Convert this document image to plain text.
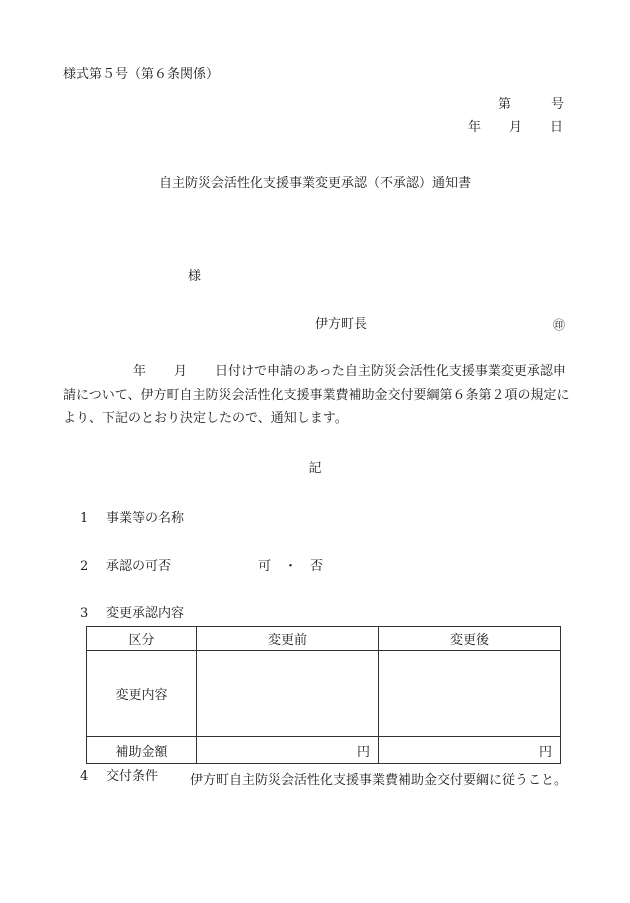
様式第５号（第６条関係）
第	号
年 月 日
自主防災会活性化支援事業変更承認（不承認）通知書
様
伊方町長	㊞
年 月 日付けで申請のあった自主防災会活性化支援事業変更承認申請について、伊方町自主防災会活性化支援事業費補助金交付要綱第６条第２項の規定により、下記のとおり決定したので、通知します。
記
1 事業等の名称
2 承認の可否	可　・　否
3 変更承認内容
区分	変更前	変更後
変更内容		
補助金額	円	円
4 交付条件 伊方町自主防災会活性化支援事業費補助金交付要綱に従うこと。
